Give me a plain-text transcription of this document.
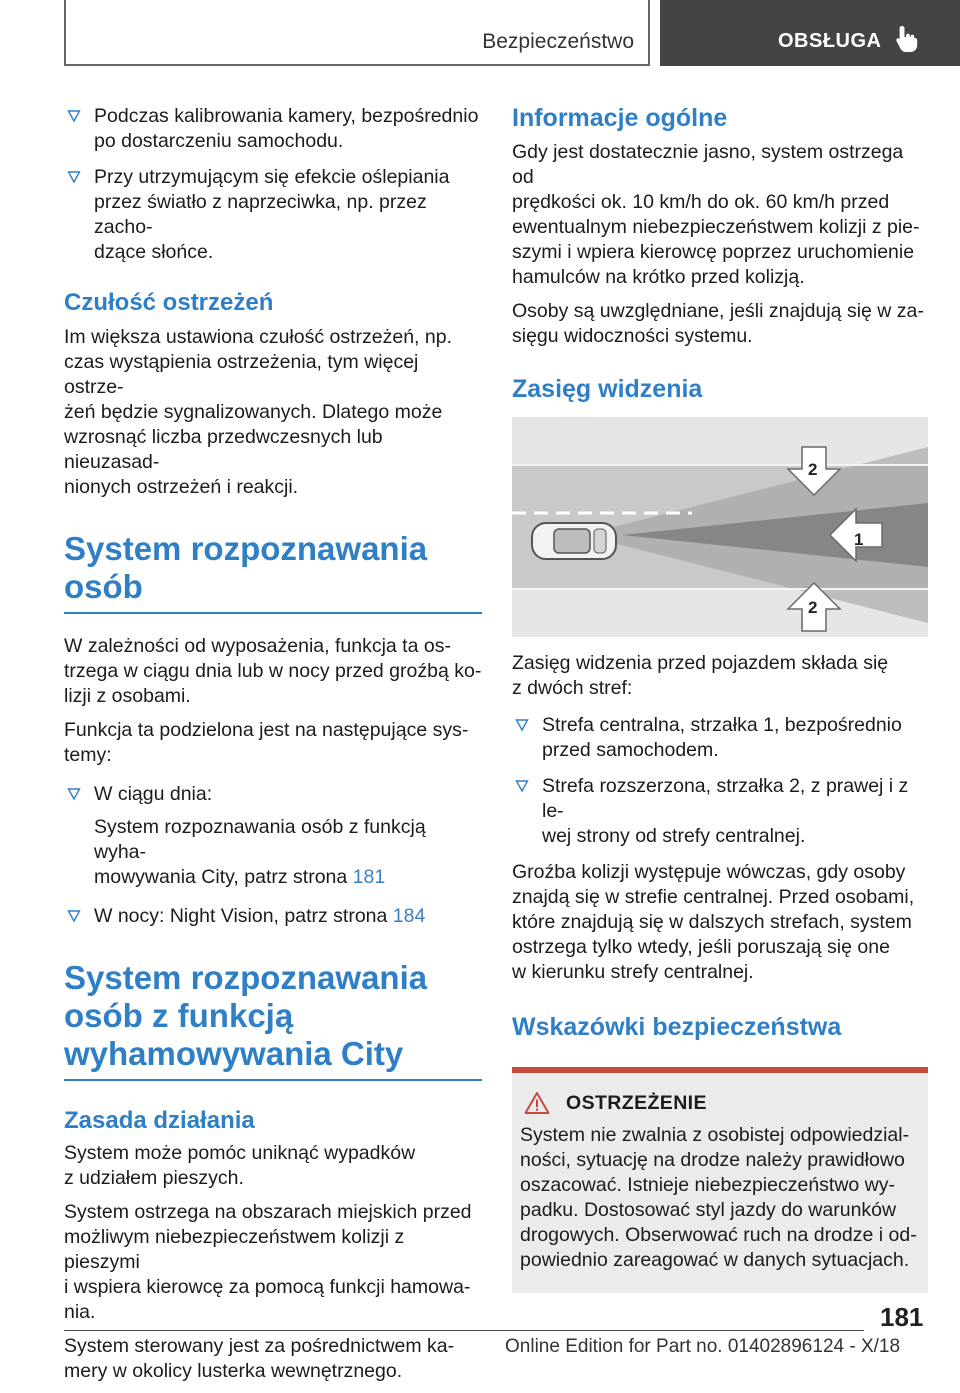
Bezpieczeństwo	OBSŁUGA
Podczas kalibrowania kamery, bezpośrednio
po dostarczeniu samochodu.
Przy utrzymującym się efekcie oślepiania
przez światło z naprzeciwka, np. przez zacho-
dzące słońce.
Czułość ostrzeżeń

Im większa ustawiona czułość ostrzeżeń, np.
czas wystąpienia ostrzeżenia, tym więcej ostrze-
żeń będzie sygnalizowanych. Dlatego może
wzrosnąć liczba przedwczesnych lub nieuzasad-
nionych ostrzeżeń i reakcji.

System rozpoznawania
osób

W zależności od wyposażenia, funkcja ta os-
trzega w ciągu dnia lub w nocy przed groźbą ko-
lizji z osobami.

Funkcja ta podzielona jest na następujące sys-
temy:

W ciągu dnia:
System rozpoznawania osób z funkcją wyha-
mowywania City, patrz strona 181
W nocy: Night Vision, patrz strona 184
System rozpoznawania
osób z funkcją
wyhamowywania City
Zasada działania

System może pomóc uniknąć wypadków
z udziałem pieszych.

System ostrzega na obszarach miejskich przed
możliwym niebezpieczeństwem kolizji z pieszymi
i wspiera kierowcę za pomocą funkcji hamowa-
nia.

System sterowany jest za pośrednictwem ka-
mery w okolicy lusterka wewnętrznego.

Informacje ogólne

Gdy jest dostatecznie jasno, system ostrzega od
prędkości ok. 10 km/h do ok. 60 km/h przed
ewentualnym niebezpieczeństwem kolizji z pie-
szymi i wpiera kierowcę poprzez uruchomienie
hamulców na krótko przed kolizją.

Osoby są uwzględniane, jeśli znajdują się w za-
sięgu widoczności systemu.

Zasięg widzenia
1
2
2

Zasięg widzenia przed pojazdem składa się
z dwóch stref:

Strefa centralna, strzałka 1, bezpośrednio
przed samochodem.
Strefa rozszerzona, strzałka 2, z prawej i z le-
wej strony od strefy centralnej.

Groźba kolizji występuje wówczas, gdy osoby
znajdą się w strefie centralnej. Przed osobami,
które znajdują się w dalszych strefach, system
ostrzega tylko wtedy, jeśli poruszają się one
w kierunku strefy centralnej.

Wskazówki bezpieczeństwa
OSTRZEŻENIE

System nie zwalnia z osobistej odpowiedzial-
ności, sytuację na drodze należy prawidłowo
oszacować. Istnieje niebezpieczeństwo wy-
padku. Dostosować styl jazdy do warunków
drogowych. Obserwować ruch na drodze i od-
powiednio zareagować w danych sytuacjach.

181
Online Edition for Part no. 01402896124 - X/18
